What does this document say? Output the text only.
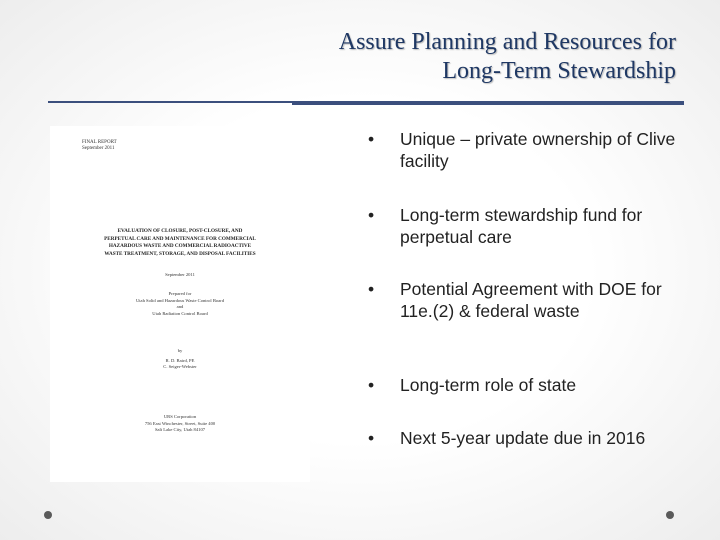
Assure Planning and Resources for
Long-Term Stewardship
FINAL REPORT
September 2011
EVALUATION OF CLOSURE, POST-CLOSURE, AND
PERPETUAL CARE AND MAINTENANCE FOR COMMERCIAL
HAZARDOUS WASTE AND COMMERCIAL RADIOACTIVE
WASTE TREATMENT, STORAGE, AND DISPOSAL FACILITIES
September 2011
Prepared for
Utah Solid and Hazardous Waste Control Board
and
Utah Radiation Control Board
by
R. D. Baird, PE
C. Seiger-Webster
URS Corporation
756 East Winchester, Street, Suite 400
Salt Lake City, Utah 84107
• Unique – private ownership of Clive facility
• Long-term stewardship fund for perpetual care
• Potential Agreement with DOE for 11e.(2) & federal waste
• Long-term role of state
• Next 5-year update due in 2016
